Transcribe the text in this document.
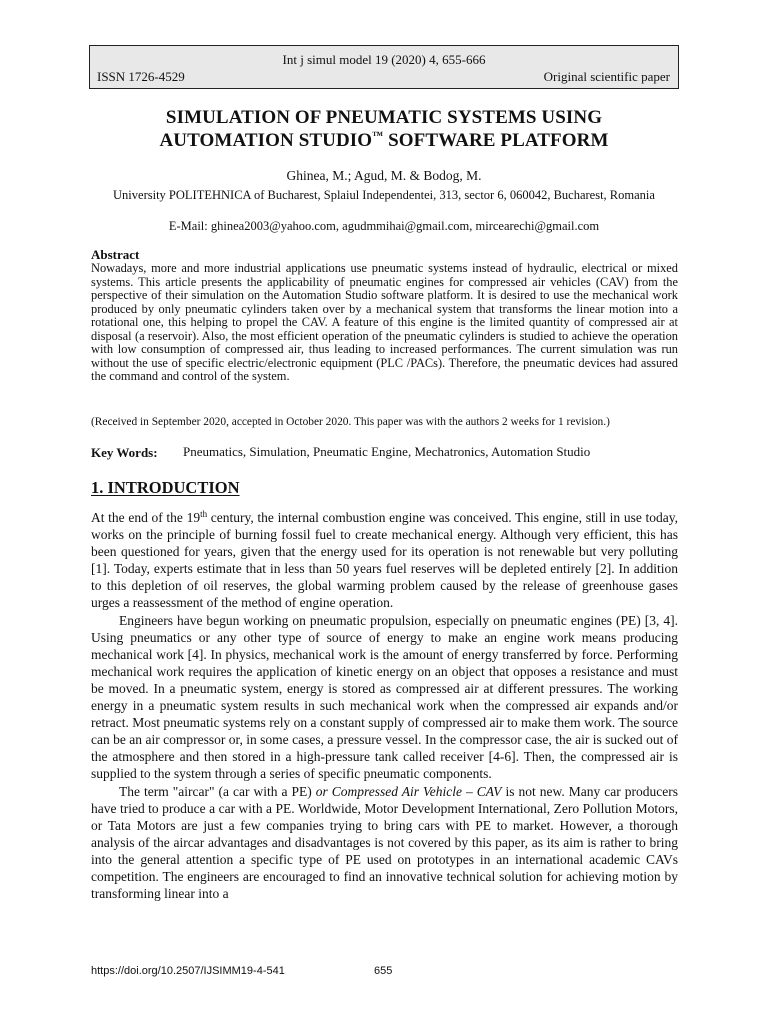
Int j simul model 19 (2020) 4, 655-666
ISSN 1726-4529	Original scientific paper
SIMULATION OF PNEUMATIC SYSTEMS USING
AUTOMATION STUDIO™ SOFTWARE PLATFORM
Ghinea, M.; Agud, M. & Bodog, M.
University POLITEHNICA of Bucharest, Splaiul Independentei, 313, sector 6, 060042, Bucharest, Romania
E-Mail: ghinea2003@yahoo.com, agudmmihai@gmail.com, mircearechi@gmail.com
Abstract

Nowadays, more and more industrial applications use pneumatic systems instead of hydraulic, electrical or mixed systems. This article presents the applicability of pneumatic engines for compressed air vehicles (CAV) from the perspective of their simulation on the Automation Studio software platform. It is desired to use the mechanical work produced by only pneumatic cylinders taken over by a mechanical system that transforms the linear motion into a rotational one, this helping to propel the CAV. A feature of this engine is the limited quantity of compressed air at disposal (a reservoir). Also, the most efficient operation of the pneumatic cylinders is studied to achieve the operation with low consumption of compressed air, thus leading to increased performances. The current simulation was run without the use of specific electric/electronic equipment (PLC /PACs). Therefore, the pneumatic devices had assured the command and control of the system.

(Received in September 2020, accepted in October 2020. This paper was with the authors 2 weeks for 1 revision.)
Key Words: Pneumatics, Simulation, Pneumatic Engine, Mechatronics, Automation Studio
1. INTRODUCTION

At the end of the 19th century, the internal combustion engine was conceived. This engine, still in use today, works on the principle of burning fossil fuel to create mechanical energy. Although very efficient, this has been questioned for years, given that the energy used for its operation is not renewable but very polluting [1]. Today, experts estimate that in less than 50 years fuel reserves will be depleted entirely [2]. In addition to this depletion of oil reserves, the global warming problem caused by the release of greenhouse gases urges a reassessment of the method of engine operation.

Engineers have begun working on pneumatic propulsion, especially on pneumatic engines (PE) [3, 4]. Using pneumatics or any other type of source of energy to make an engine work means producing mechanical work [4]. In physics, mechanical work is the amount of energy transferred by force. Performing mechanical work requires the application of kinetic energy on an object that opposes a resistance and must be moved. In a pneumatic system, energy is stored as compressed air at different pressures. The working energy in a pneumatic system results in such mechanical work when the compressed air expands and/or retract. Most pneumatic systems rely on a constant supply of compressed air to make them work. The source can be an air compressor or, in some cases, a pressure vessel. In the compressor case, the air is sucked out of the atmosphere and then stored in a high-pressure tank called receiver [4-6]. Then, the compressed air is supplied to the system through a series of specific pneumatic components.

The term "aircar" (a car with a PE) or Compressed Air Vehicle – CAV is not new. Many car producers have tried to produce a car with a PE. Worldwide, Motor Development International, Zero Pollution Motors, or Tata Motors are just a few companies trying to bring cars with PE to market. However, a thorough analysis of the aircar advantages and disadvantages is not covered by this paper, as its aim is rather to bring into the general attention a specific type of PE used on prototypes in an international academic CAVs competition. The engineers are encouraged to find an innovative technical solution for achieving motion by transforming linear into a

https://doi.org/10.2507/IJSIMM19-4-541	655
